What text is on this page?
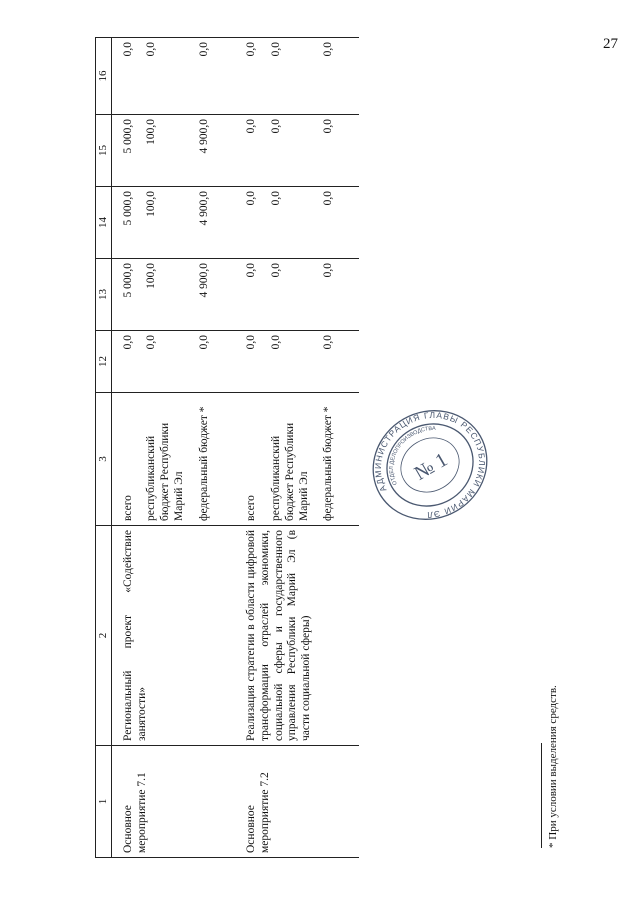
27
1	2	3	12	13	14	15	16
Основное мероприятие 7.1	Региональный проект «Содействие занятости»	всего	0,0	5 000,0	5 000,0	5 000,0	0,0
		республиканский бюджет Республики Марий Эл	0,0	100,0	100,0	100,0	0,0
		федеральный бюджет *	0,0	4 900,0	4 900,0	4 900,0	0,0
Основное мероприятие 7.2	Реализация стратегии в области цифровой трансформации отраслей экономики, социальной сферы и государственного управления Республики Марий Эл (в части социальной сферы)	всего	0,0	0,0	0,0	0,0	0,0
		республиканский бюджет Республики Марий Эл	0,0	0,0	0,0	0,0	0,0
		федеральный бюджет *	0,0	0,0	0,0	0,0	0,0
* При условии выделения средств.
АДМИНИСТРАЦИЯ ГЛАВЫ РЕСПУБЛИКИ МАРИЙ ЭЛ
ОТДЕЛ ДЕЛОПРОИЗВОДСТВА
№ 1
